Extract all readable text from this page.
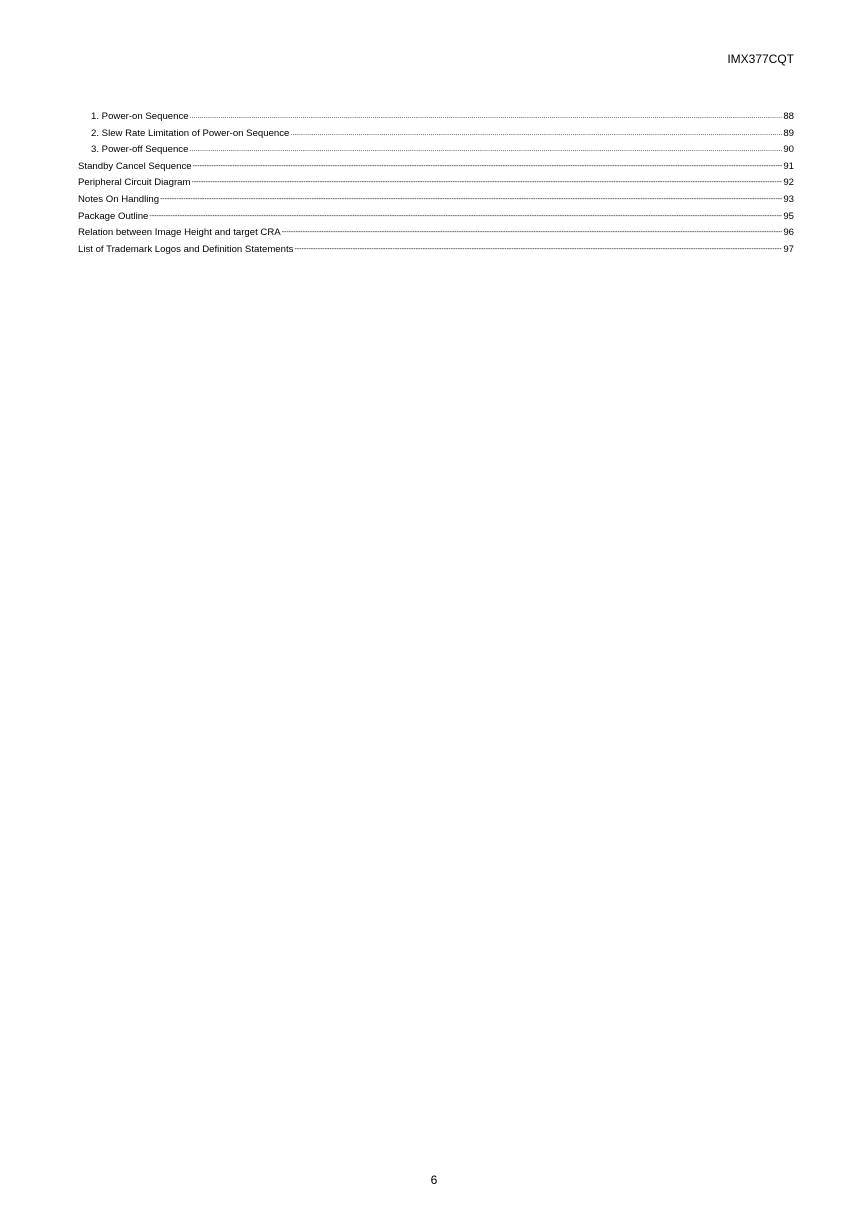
IMX377CQT
1. Power-on Sequence .....	88
2. Slew Rate Limitation of Power-on Sequence .....	89
3. Power-off Sequence .....	90
Standby Cancel Sequence -----	91
Peripheral Circuit Diagram -----	92
Notes On Handling -----	93
Package Outline -----	95
Relation between Image Height and target CRA -----	96
List of Trademark Logos and Definition Statements -----	97
6
